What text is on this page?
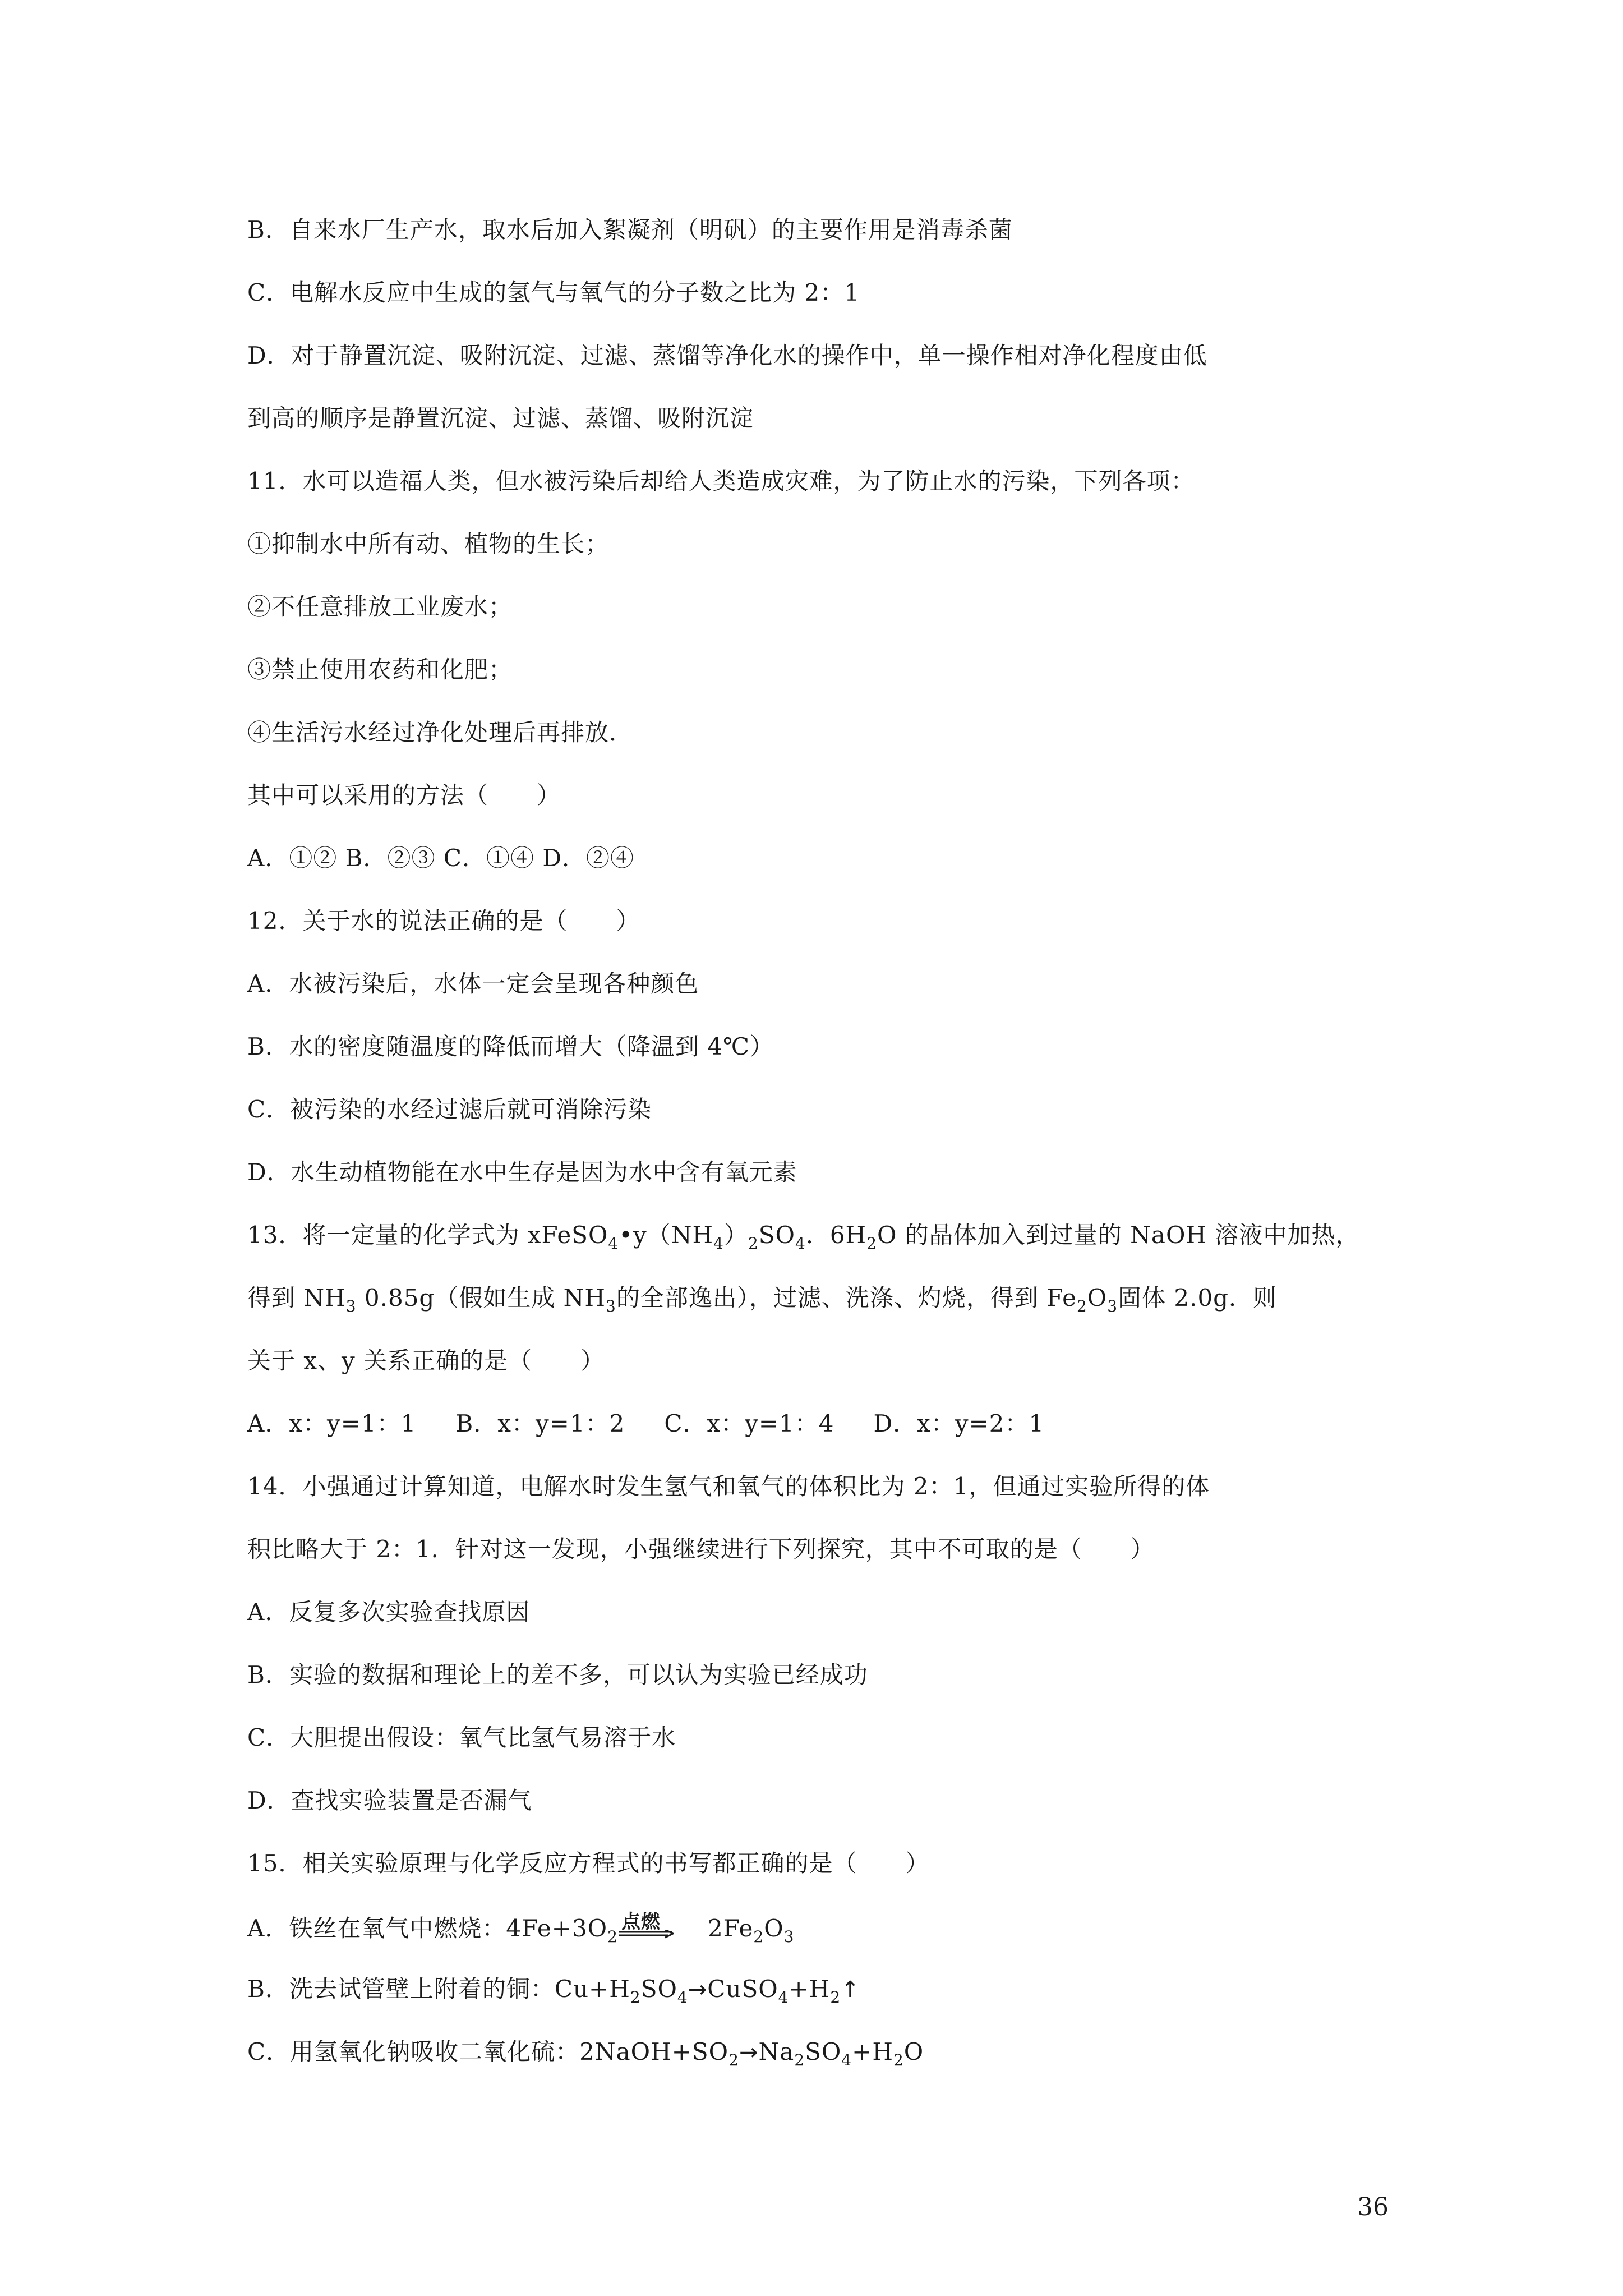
B．自来水厂生产水，取水后加入絮凝剂（明矾）的主要作用是消毒杀菌
C．电解水反应中生成的氢气与氧气的分子数之比为 2：1
D．对于静置沉淀、吸附沉淀、过滤、蒸馏等净化水的操作中，单一操作相对净化程度由低
到高的顺序是静置沉淀、过滤、蒸馏、吸附沉淀
11．水可以造福人类，但水被污染后却给人类造成灾难，为了防止水的污染，下列各项：
①抑制水中所有动、植物的生长；
②不任意排放工业废水；
③禁止使用农药和化肥；
④生活污水经过净化处理后再排放．
其中可以采用的方法（　　）
A．①② B．②③ C．①④ D．②④
12．关于水的说法正确的是（　　）
A．水被污染后，水体一定会呈现各种颜色
B．水的密度随温度的降低而增大（降温到 4℃）
C．被污染的水经过滤后就可消除污染
D．水生动植物能在水中生存是因为水中含有氧元素
13．将一定量的化学式为 $xFeSO_4•y(NH_4)_2SO_4$．$6H_2O$ 的晶体加入到过量的 NaOH 溶液中加热，
得到 $NH_3$ 0.85g（假如生成 $NH_3$的全部逸出），过滤、洗涤、灼烧，得到 $Fe_2O_3$固体 2.0g．则
关于 x、y 关系正确的是（　　）
A．x：y=1：1 B．x：y=1：2 C．x：y=1：4 D．x：y=2：1
14．小强通过计算知道，电解水时发生氢气和氧气的体积比为 2：1，但通过实验所得的体
积比略大于 2：1．针对这一发现，小强继续进行下列探究，其中不可取的是（　　）
A．反复多次实验查找原因
B．实验的数据和理论上的差不多，可以认为实验已经成功
C．大胆提出假设：氧气比氢气易溶于水
D．查找实验装置是否漏气
15．相关实验原理与化学反应方程式的书写都正确的是（　　）
A．铁丝在氧气中燃烧：$4Fe+3O_2$
点燃 $2Fe_2O_3$
B．洗去试管壁上附着的铜：$Cu+H_2SO_4\to CuSO_4+H_2↑$
C．用氢氧化钠吸收二氧化硫：$2NaOH+SO_2\to Na_2SO_4+H_2O$
36
